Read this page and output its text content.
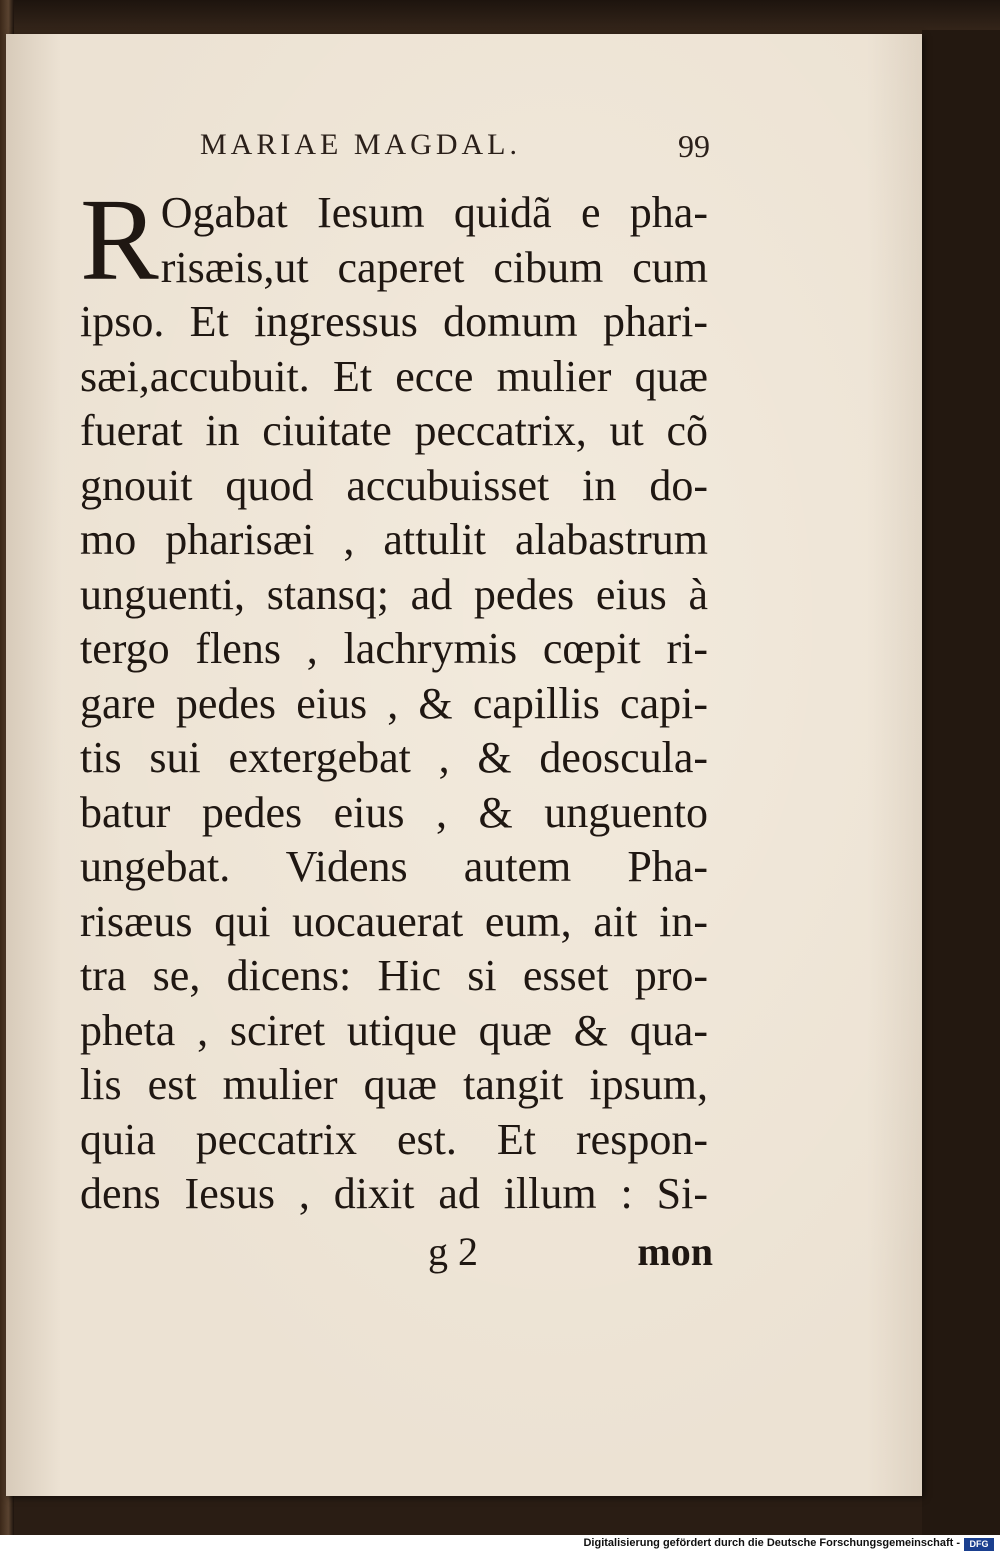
MARIAE MAGDAL.	99
R Ogabat Iesum quidã e pha-
risæis,ut caperet cibum cum
ipso. Et ingressus domum phari-
sæi,accubuit. Et ecce mulier quæ
fuerat in ciuitate peccatrix, ut cõ
gnouit quod accubuisset in do-
mo pharisæi , attulit alabastrum
unguenti, stansq; ad pedes eius à
tergo flens , lachrymis cœpit ri-
gare pedes eius , & capillis capi-
tis sui extergebat , & deoscula-
batur pedes eius , & unguento
ungebat. Videns autem Pha-
risæus qui uocauerat eum, ait in-
tra se, dicens: Hic si esset pro-
pheta , sciret utique quæ & qua-
lis est mulier quæ tangit ipsum,
quia peccatrix est. Et respon-
dens Iesus , dixit ad illum : Si-
g 2	mon
Digitalisierung gefördert durch die Deutsche Forschungsgemeinschaft -	DFG
